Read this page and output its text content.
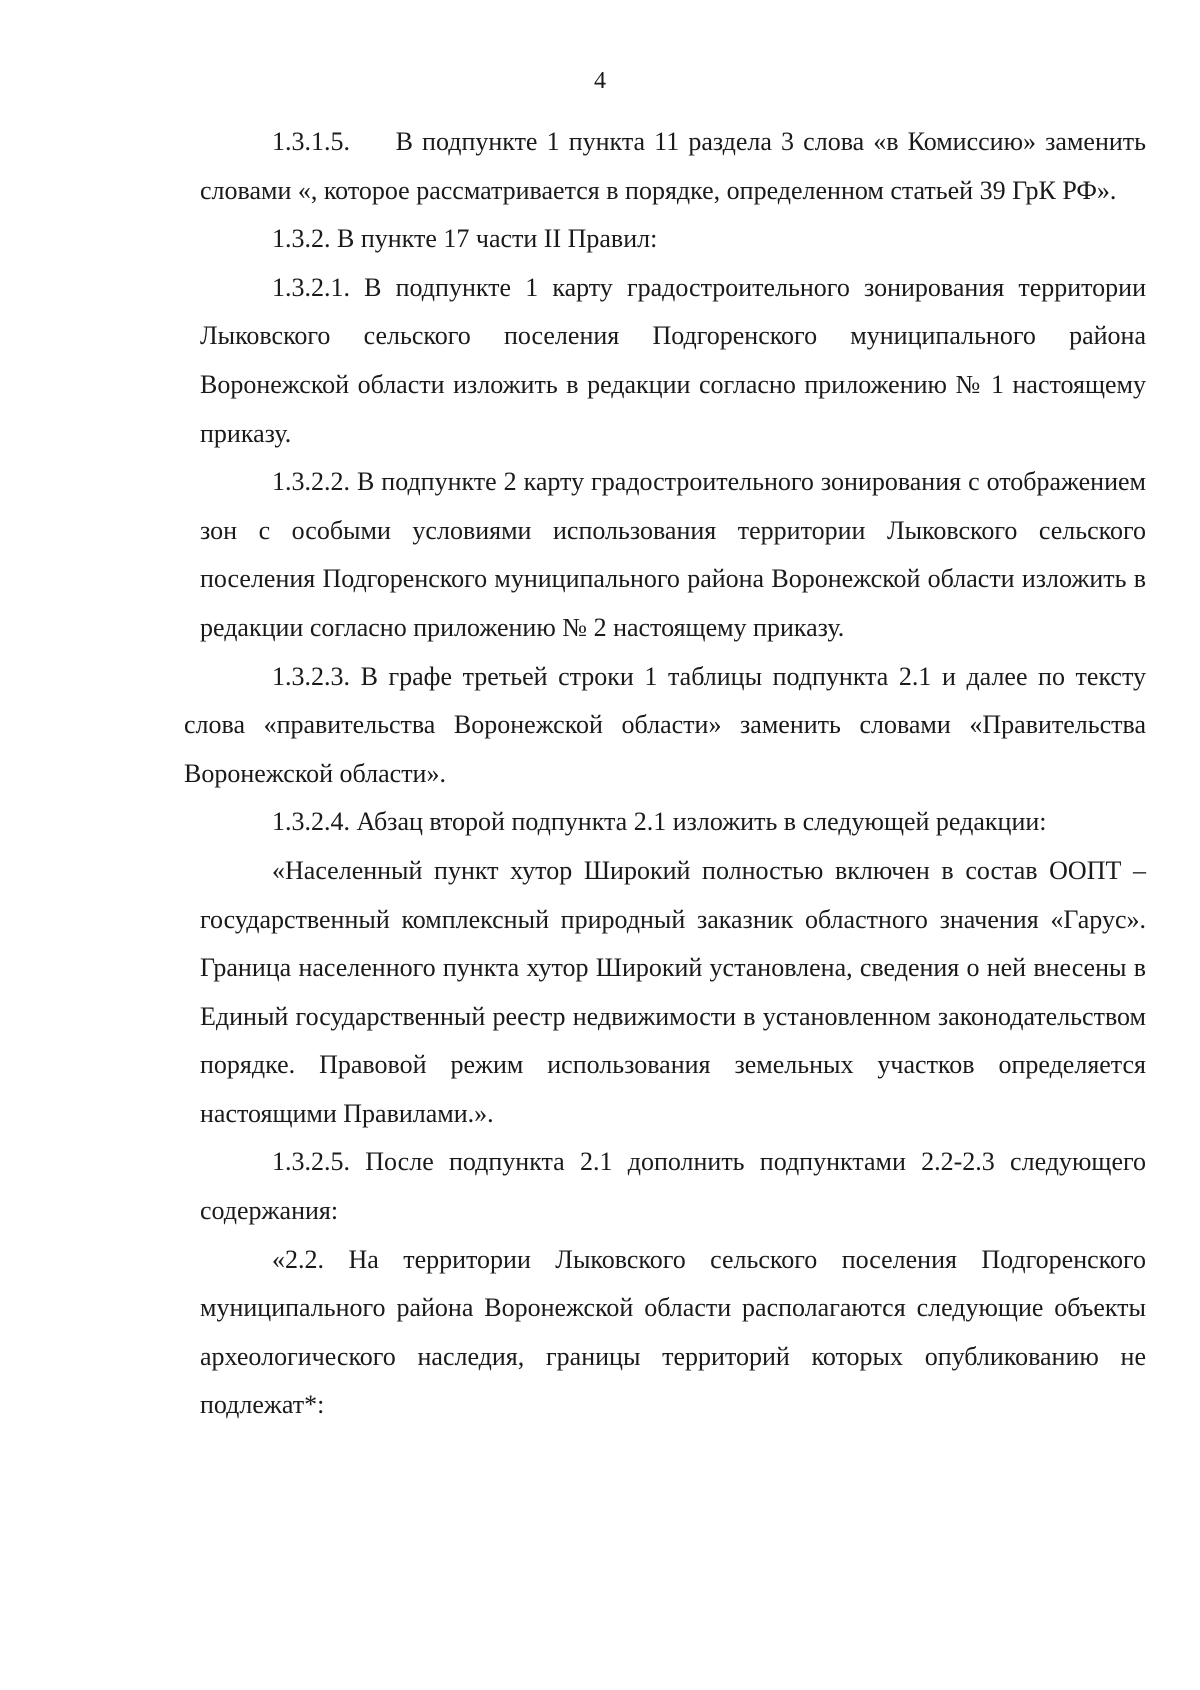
4

1.3.1.5.     В подпункте 1 пункта 11 раздела 3 слова «в Комиссию» заменить словами «, которое рассматривается в порядке, определенном статьей 39 ГрК РФ».

1.3.2. В пункте 17 части II Правил:

1.3.2.1. В подпункте 1 карту градостроительного зонирования территории Лыковского сельского поселения Подгоренского муниципального района Воронежской области изложить в редакции согласно приложению № 1 настоящему приказу.

1.3.2.2. В подпункте 2 карту градостроительного зонирования с отображением зон с особыми условиями использования территории Лыковского сельского поселения Подгоренского муниципального района Воронежской области изложить в редакции согласно приложению № 2 настоящему приказу.

1.3.2.3. В графе третьей строки 1 таблицы подпункта 2.1 и далее по тексту слова «правительства Воронежской области» заменить словами «Правительства Воронежской области».

1.3.2.4. Абзац второй подпункта 2.1 изложить в следующей редакции:

«Населенный пункт хутор Широкий полностью включен в состав ООПТ – государственный комплексный природный заказник областного значения «Гарус». Граница населенного пункта хутор Широкий установлена, сведения о ней внесены в Единый государственный реестр недвижимости в установленном законодательством порядке. Правовой режим использования земельных участков определяется настоящими Правилами.».

1.3.2.5. После подпункта 2.1 дополнить подпунктами 2.2-2.3 следующего содержания:

«2.2. На территории Лыковского сельского поселения Подгоренского муниципального района Воронежской области располагаются следующие объекты археологического наследия, границы территорий которых опубликованию не подлежат*:
